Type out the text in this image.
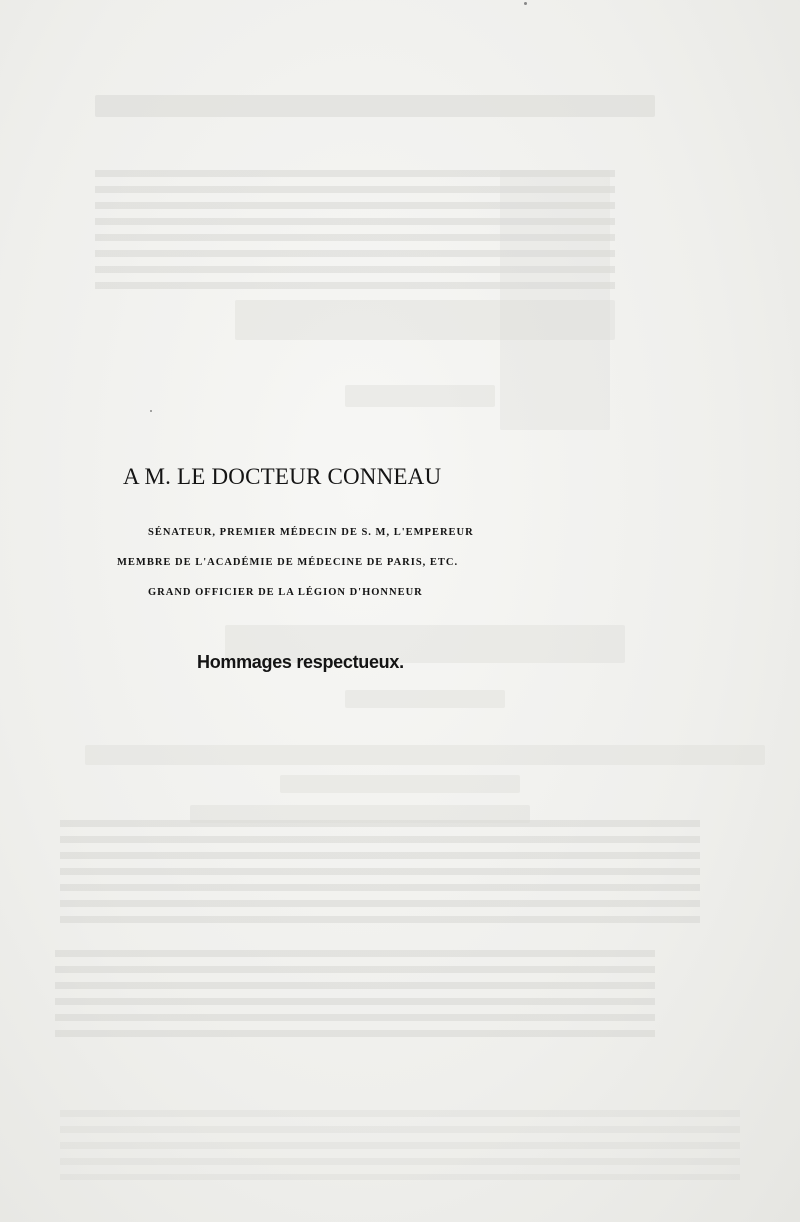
A M. LE DOCTEUR CONNEAU
SÉNATEUR, PREMIER MÉDECIN DE S. M, L'EMPEREUR
MEMBRE DE L'ACADÉMIE DE MÉDECINE DE PARIS, ETC.
GRAND OFFICIER DE LA LÉGION D'HONNEUR
Hommages respectueux.
